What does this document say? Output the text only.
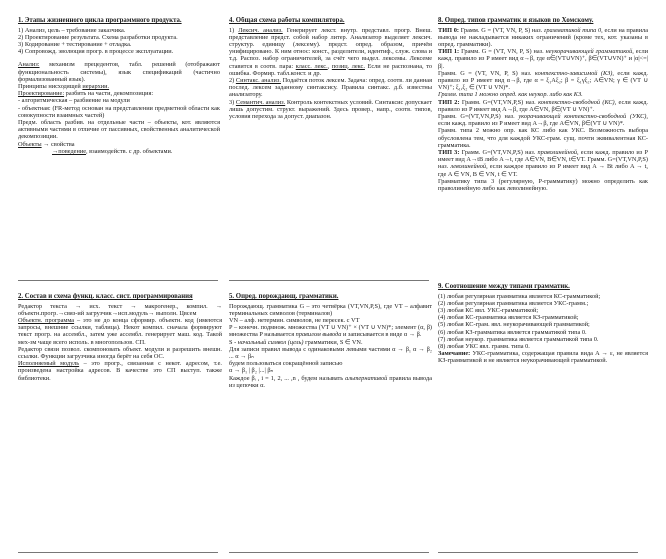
1. Этапы жизненного цикла программного продукта.

1) Анализ, цель – требование заказчика.

2) Проектирование результата. Схема разработки продукта.

3) Кодирование + тестирование + отладка.

4) Сопровожд. эволюция прогр. в процессе эксплуатации.

Анализ: механизм прецедентов, табл. решений (отображают функциональность системы), язык спецификаций (частично формализованный язык).

Принципы нисходящей иерархии.

Проектирование: разбить на части, декомпозиция:

- алгоритмическая – разбиение на модули

- объектная: (FR-метод основан на представлении предметной области как совокупности взаимных частей)

Предм. область разбив. на отдельные части – объекты, кот. являются активными частями в отличие от пассивных, свойственных аналитической декомпозиции.

Объекты → свойства

→поведение, взаимодейств. с др. объектами.

4. Общая схема работы компилятора.

1) Лексич. анализ. Генерирует лекст. внутр. представл. прогр. Внеш. представление предст. собой набор литер. Анализатор выделяет лексич. структур. единицу (лексему). предст. опред. образом, причём унифицировано. К ним относ: конст., разделители, идентиф., служ. слова и т.д. Распоз. набор ограничителей, за счёт чего выдел. лексемы. Лексеме ставится в соотв. пара: класс. лекс., позиц. лекс. Если не распознана, то ошибка. Формир. табл.конст. и др.

2) Синтакс. анализ. Подаётся поток лексем. Задача: опред. соотв. ли данная послед. лексем заданному синтаксису. Правила синтакс. д.б. известны анализатору.

3) Семантич. анализ. Контроль контекстных условий. Синтаксис допускает лишь допустим. структ. выражений. Здесь провер., напр., соотв. типов, условия перехода за допуст. диапазон.

8. Опред. типов грамматик и языков по Хомскому.

ТИП 0: Грамм. G = (VT, VN, P, S) наз. грамматикой типа 0, если на правила вывода не накладывается никаких ограничений (кроме тех, кот. указаны в опред. грамматики).

ТИП 1: Грамм. G = (VT, VN, P, S) наз. неукорачивающей грамматикой, если кажд. правило из P имеет вид α→β, где α∈(VT∪VN)⁺, β∈(VT∪VN)⁺ и |α|<=|β|.

Грамм. G = (VT, VN, P, S) наз. контекстно-зависимой (КЗ), если кажд. правило из P имеет вид α→β, где α = ξ₁Aξ₂; β = ξ₁γξ₂; A∈VN; γ ∈ (VT ∪ VN)⁺; ξ₁,ξ₂ ∈ (VT ∪ VN)*.

Грамм. типа 1 можно опред. как неукор. либо как КЗ.

ТИП 2: Грамм. G=(VT,VN,P,S) наз. контекстно-свободной (КС), если кажд. правило из P имеет вид A→β, где A∈VN, β∈(VT ∪ VN)⁺.

Грамм. G=(VT,VN,P,S) наз. укорачивающей контекстно-свободной (УКС), если кажд. правило из P имеет вид A→β, где A∈VN, β∈(VT ∪ VN)*.

Грамм. типа 2 можно опр. как КС либо как УКС. Возможность выбора обусловлена тем, что для каждой УКС-грам. сущ. почти эквивалентная КС-грамматика.

ТИП 3: Грамм. G=(VT,VN,P,S) наз. праволинейной, если кажд. правило из P имеет вид A→tB либо A→t, где A∈VN, B∈VN, t∈VT. Грамм. G=(VT,VN,P,S) наз. леволинейной, если каждое правило из P имеет вид A → Bt либо A → t, где A ∈ VN, B ∈ VN, t ∈ VT.

Грамматику типа 3 (регулярную, P-грамматику) можно определить как праволинейную либо как леволинейную.

2. Состав и схема функц. класс. сист. программирования

Редактор текста → исх. текст → макрогенер., компил. → объектн.прогр.→связ-ий загрузчик→исп.модуль→ выполн. Цвсем

Объектн. программа – это не до конца сформир. объектн. код (имеются запросы, внешние ссылки, таблица). Некот компил. сначала формируют текст прогр. на ассембл., затем уже ассембл. генерирует маш. код. Такой мех-зм чаще всего исполь. в многопользов. СП.

Редактор связи позвол. скомпоновать объект. модули и разрешить внешн. ссылки. Функции загрузчика иногда берёт на себя ОС.

Исполняемый модуль – это прогр., связанная с некот. адресом, т.е. произведена настройка адресов. В качестве это СП выступ. также библиотеки.

5. Опред. порождающ. грамматики.

Порождающ. грамматика G – это четвёрка (VT,VN,P,S), где VT – алфавит терминальных символов (терминалов)

VN – алф. нетермин. символов, не пересек. с VT

P – конечн. подмнож. множества (VT ∪ VN)⁺ × (VT ∪ VN)*; элемент (α, β) множества P называется правилом вывода и записывается в виде α → β.

S - начальный символ (цель) грамматики, S ∈ VN.

Для записи правил вывода с одинаковыми левыми частями α → β₁ α → β₂ ... α → βₙ

будем пользоваться сокращённой записью

α → β₁ | β₂ |...| βₙ

Каждое βᵢ , i = 1, 2, ... ,n , будем называть альтернативой правила вывода из цепочки α.

9. Соотношение между типами грамматик.

(1) любая регулярная грамматика является КС-грамматикой;

(2) любая регулярная грамматика является УКС-грамм.;

(3) любая КС явл. УКС-грамматикой;

(4) любая КС-грамматика является КЗ-грамматикой;

(5) любая КС-грам. явл. неукорачивающей грамматикой;

(6) любая КЗ-грамматика является грамматикой типа 0.

(7) любая неукор. грамматика является грамматикой типа 0.

(8) любая УКС явл. грамм. типа 0.

Замечание: УКС-грамматика, содержащая правила вида A → ε, не является КЗ-грамматикой и не является неукорачивающей грамматикой.
